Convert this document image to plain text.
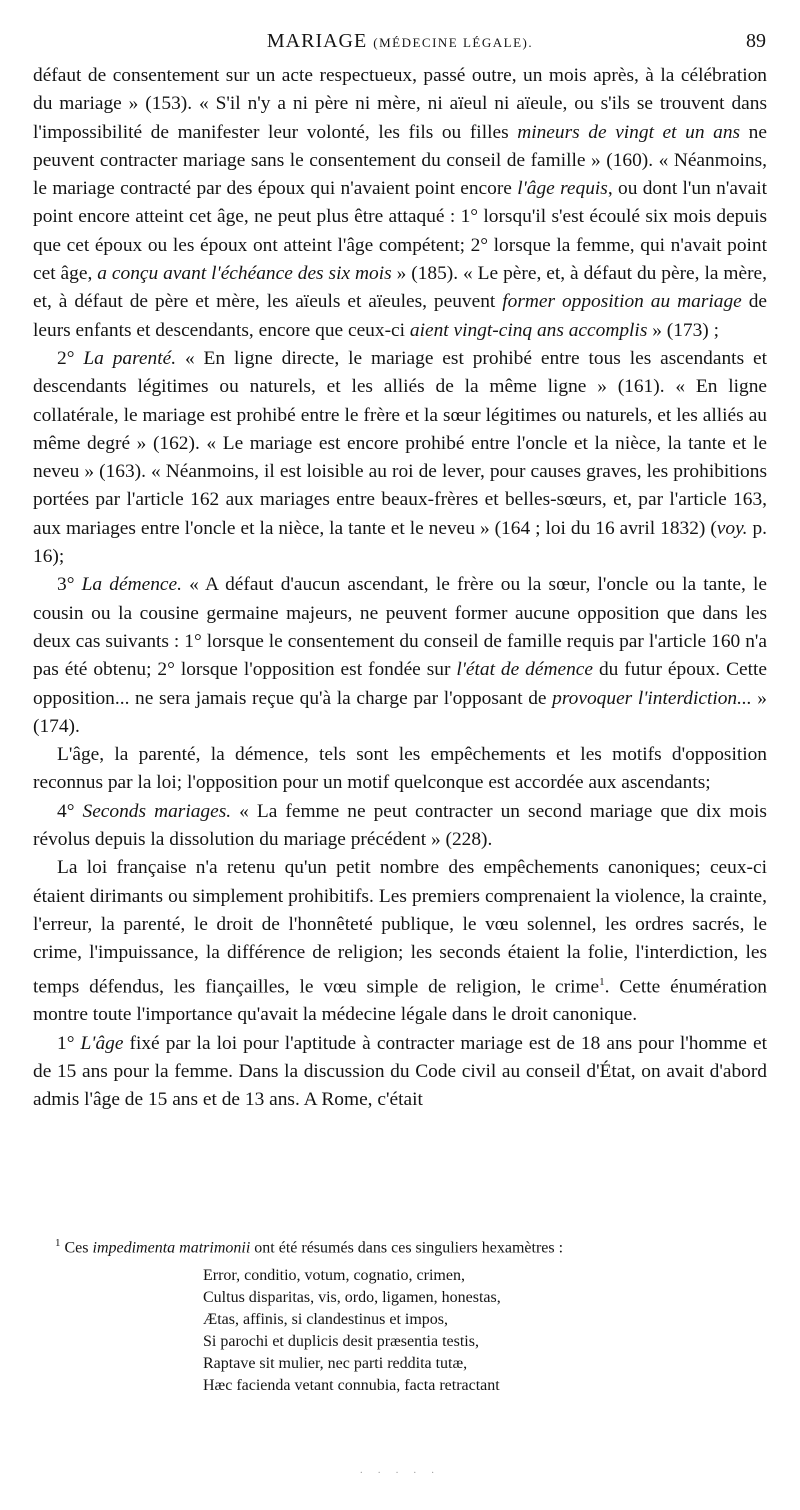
MARIAGE (MÉDECINE LÉGALE).	89

défaut de consentement sur un acte respectueux, passé outre, un mois après, à la célébration du mariage » (153). « S'il n'y a ni père ni mère, ni aïeul ni aïeule, ou s'ils se trouvent dans l'impossibilité de manifester leur volonté, les fils ou filles mineurs de vingt et un ans ne peuvent contracter mariage sans le consentement du conseil de famille » (160). « Néanmoins, le mariage contracté par des époux qui n'avaient point encore l'âge requis, ou dont l'un n'avait point encore atteint cet âge, ne peut plus être attaqué : 1° lorsqu'il s'est écoulé six mois depuis que cet époux ou les époux ont atteint l'âge compétent; 2° lorsque la femme, qui n'avait point cet âge, a conçu avant l'échéance des six mois » (185). « Le père, et, à défaut du père, la mère, et, à défaut de père et mère, les aïeuls et aïeules, peuvent former opposition au mariage de leurs enfants et descendants, encore que ceux-ci aient vingt-cinq ans accomplis » (173) ;

2° La parenté. « En ligne directe, le mariage est prohibé entre tous les ascendants et descendants légitimes ou naturels, et les alliés de la même ligne » (161). « En ligne collatérale, le mariage est prohibé entre le frère et la sœur légitimes ou naturels, et les alliés au même degré » (162). « Le mariage est encore prohibé entre l'oncle et la nièce, la tante et le neveu » (163). « Néanmoins, il est loisible au roi de lever, pour causes graves, les prohibitions portées par l'article 162 aux mariages entre beaux-frères et belles-sœurs, et, par l'article 163, aux mariages entre l'oncle et la nièce, la tante et le neveu » (164 ; loi du 16 avril 1832) (voy. p. 16);

3° La démence. « A défaut d'aucun ascendant, le frère ou la sœur, l'oncle ou la tante, le cousin ou la cousine germaine majeurs, ne peuvent former aucune opposition que dans les deux cas suivants : 1° lorsque le consentement du conseil de famille requis par l'article 160 n'a pas été obtenu; 2° lorsque l'opposition est fondée sur l'état de démence du futur époux. Cette opposition... ne sera jamais reçue qu'à la charge par l'opposant de provoquer l'interdiction... » (174).

L'âge, la parenté, la démence, tels sont les empêchements et les motifs d'opposition reconnus par la loi; l'opposition pour un motif quelconque est accordée aux ascendants;

4° Seconds mariages. « La femme ne peut contracter un second mariage que dix mois révolus depuis la dissolution du mariage précédent » (228).

La loi française n'a retenu qu'un petit nombre des empêchements canoniques; ceux-ci étaient dirimants ou simplement prohibitifs. Les premiers comprenaient la violence, la crainte, l'erreur, la parenté, le droit de l'honnêteté publique, le vœu solennel, les ordres sacrés, le crime, l'impuissance, la différence de religion; les seconds étaient la folie, l'interdiction, les temps défendus, les fiançailles, le vœu simple de religion, le crime$^1$. Cette énumération montre toute l'importance qu'avait la médecine légale dans le droit canonique.

1° L'âge fixé par la loi pour l'aptitude à contracter mariage est de 18 ans pour l'homme et de 15 ans pour la femme. Dans la discussion du Code civil au conseil d'État, on avait d'abord admis l'âge de 15 ans et de 13 ans. A Rome, c'était

$^1$ Ces impedimenta matrimonii ont été résumés dans ces singuliers hexamètres :

Error, conditio, votum, cognatio, crimen,
Cultus disparitas, vis, ordo, ligamen, honestas,
Ætas, affinis, si clandestinus et impos,
Si parochi et duplicis desit præsentia testis,
Raptave sit mulier, nec parti reddita tutæ,
Hæc facienda vetant connubia, facta retractant
· · · · ·
